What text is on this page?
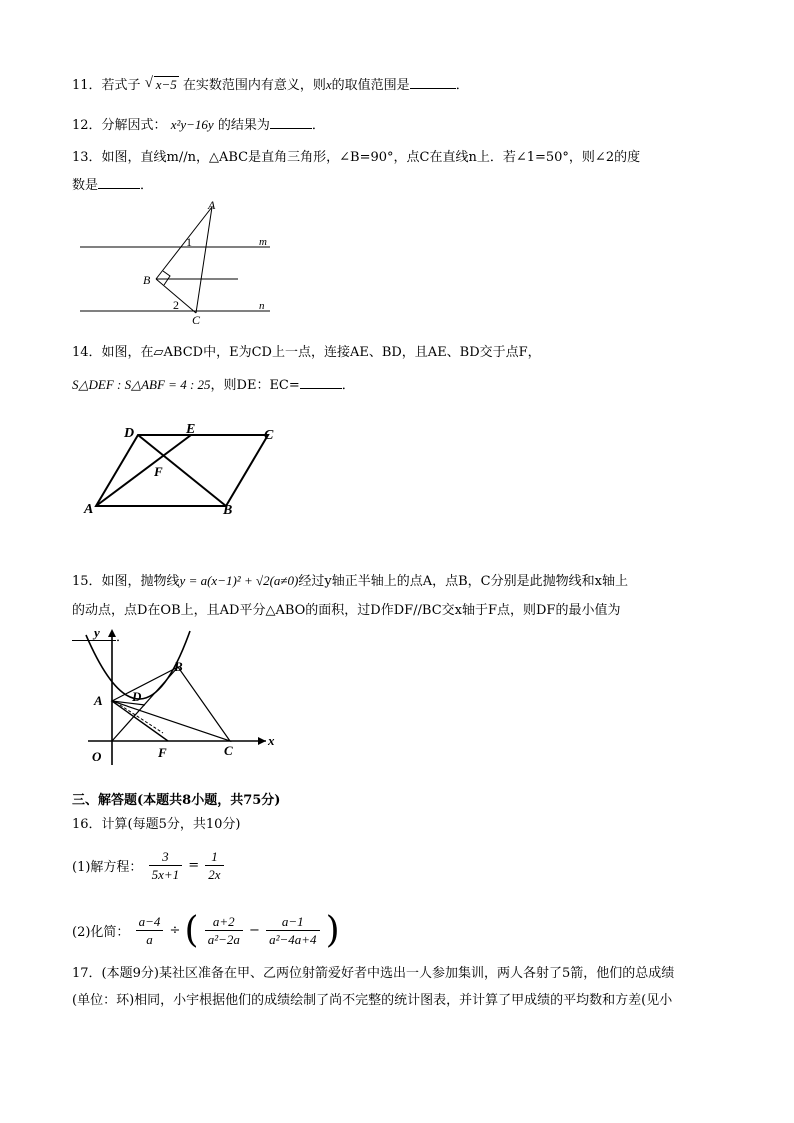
11．若式子 √ x−5 在实数范围内有意义，则x的取值范围是	．
12．分解因式： x²y−16y 的结果为	．
13．如图，直线m//n，△ABC是直角三角形，∠B=90°，点C在直线n上．若∠1=50°，则∠2的度
数是	．
A
B
C
m
n
1
2
14．如图，在▱ABCD中，E为CD上一点，连接AE、BD，且AE、BD交于点F，
S△DEF : S△ABF = 4 : 25，则DE：EC=	．
D	E	C
F
A	B
15．如图，抛物线y = a(x−1)² + √2(a≠0)经过y轴正半轴上的点A，点B，C分别是此抛物线和x轴上
的动点，点D在OB上，且AD平分△ABO的面积，过D作DF//BC交x轴于F点，则DF的最小值为
．
y
x
O
A
B
C
D
F
三、解答题(本题共8小题，共75分)
16．计算(每题5分，共10分)
(1)解方程： $\frac{3}{5x+1} = \frac{1}{2x}$
(2)化简： $\frac{a-4}{a}$ ÷ ( $\frac{a+2}{\text{a²−2a}} - \frac{a-1}{\text{a²−4a+4}}$ )
17．(本题9分)某社区准备在甲、乙两位射箭爱好者中选出一人参加集训，两人各射了5箭，他们的总成绩
(单位：环)相同，小宇根据他们的成绩绘制了尚不完整的统计图表，并计算了甲成绩的平均数和方差(见小
